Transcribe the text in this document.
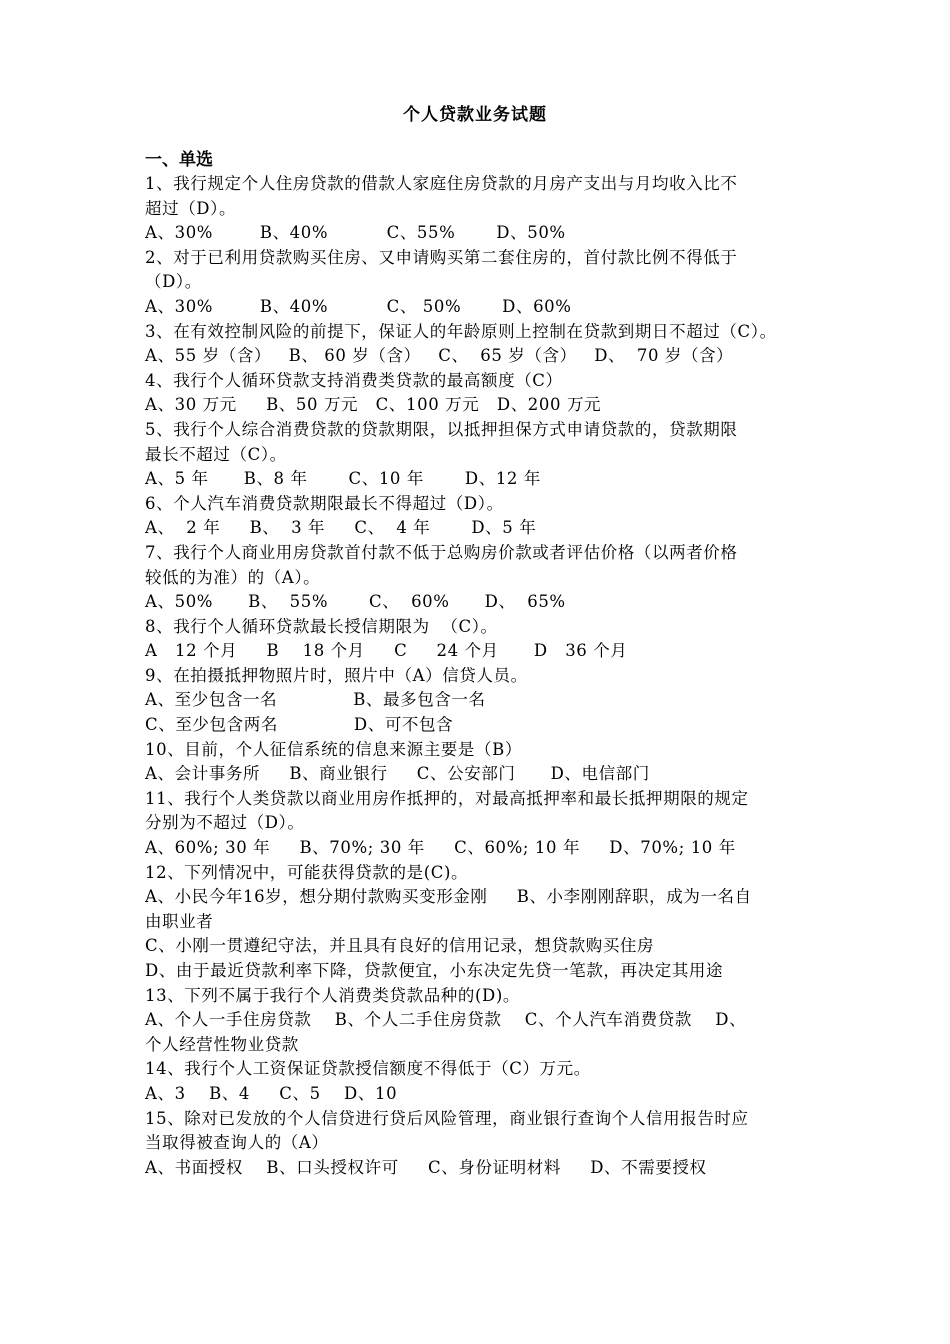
个人贷款业务试题
一、单选
1、我行规定个人住房贷款的借款人家庭住房贷款的月房产支出与月均收入比不
超过（D）。
A、30%        B、40%          C、55%       D、50%
2、对于已利用贷款购买住房、又申请购买第二套住房的，首付款比例不得低于
（D）。
A、30%        B、40%          C、 50%       D、60%
3、在有效控制风险的前提下，保证人的年龄原则上控制在贷款到期日不超过（C）。
A、55 岁（含）   B、 60 岁（含）   C、  65 岁（含）   D、  70 岁（含）
4、我行个人循环贷款支持消费类贷款的最高额度（C）
A、30 万元     B、50 万元   C、100 万元   D、200 万元
5、我行个人综合消费贷款的贷款期限，以抵押担保方式申请贷款的，贷款期限
最长不超过（C）。
A、5 年      B、8 年       C、10 年       D、12 年
6、个人汽车消费贷款期限最长不得超过（D）。
A、  2 年     B、  3 年     C、  4 年       D、5 年
7、我行个人商业用房贷款首付款不低于总购房价款或者评估价格（以两者价格
较低的为准）的（A）。
A、50%      B、  55%       C、  60%      D、  65%
8、我行个人循环贷款最长授信期限为  （C）。
A   12 个月     B    18 个月     C     24 个月      D   36 个月
9、在拍摄抵押物照片时，照片中（A）信贷人员。
A、至少包含一名             B、最多包含一名
C、至少包含两名             D、可不包含
10、目前，个人征信系统的信息来源主要是（B）
A、会计事务所     B、商业银行     C、公安部门      D、电信部门
11、我行个人类贷款以商业用房作抵押的，对最高抵押率和最长抵押期限的规定
分别为不超过（D）。
A、60%; 30 年     B、70%; 30 年     C、60%; 10 年     D、70%; 10 年
12、下列情况中，可能获得贷款的是(C)。
A、小民今年16岁，想分期付款购买变形金刚     B、小李刚刚辞职，成为一名自
由职业者
C、小刚一贯遵纪守法，并且具有良好的信用记录，想贷款购买住房
D、由于最近贷款利率下降，贷款便宜，小东决定先贷一笔款，再决定其用途
13、下列不属于我行个人消费类贷款品种的(D)。
A、个人一手住房贷款    B、个人二手住房贷款    C、个人汽车消费贷款    D、
个人经营性物业贷款
14、我行个人工资保证贷款授信额度不得低于（C）万元。
A、3    B、4     C、5    D、10
15、除对已发放的个人信贷进行贷后风险管理，商业银行查询个人信用报告时应
当取得被查询人的（A）
A、书面授权    B、口头授权许可     C、身份证明材料     D、不需要授权
